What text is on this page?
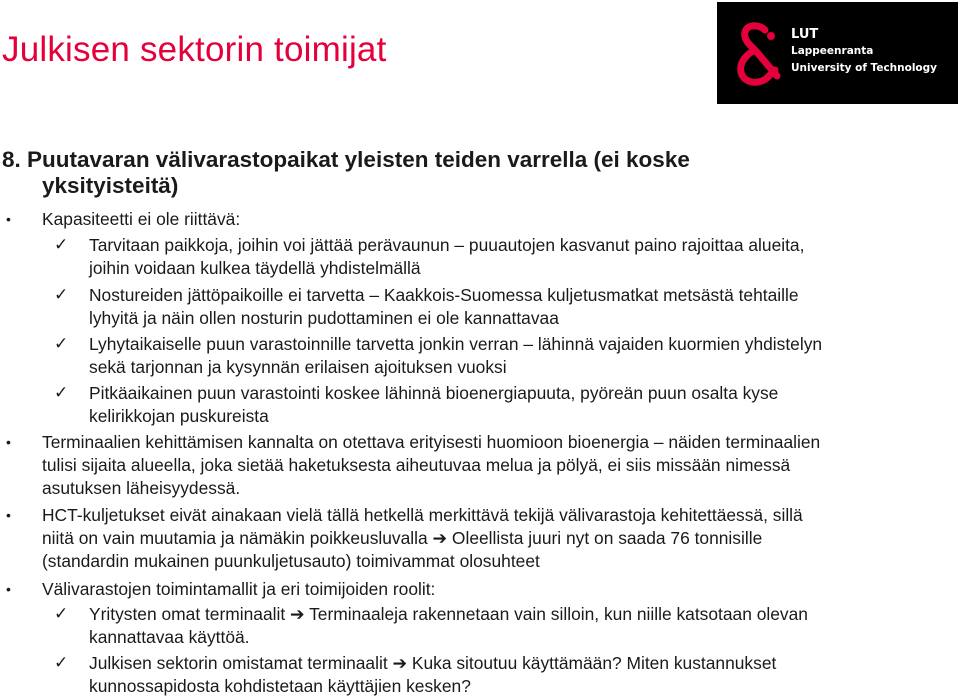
Julkisen sektorin toimijat	LUT
Lappeenranta
University of Technology
8. Puutavaran välivarastopaikat yleisten teiden varrella (ei koske
yksityisteitä)
• Kapasiteetti ei ole riittävä:
✓ Tarvitaan paikkoja, joihin voi jättää perävaunun – puuautojen kasvanut paino rajoittaa alueita,
joihin voidaan kulkea täydellä yhdistelmällä
✓ Nostureiden jättöpaikoille ei tarvetta – Kaakkois-Suomessa kuljetusmatkat metsästä tehtaille
lyhyitä ja näin ollen nosturin pudottaminen ei ole kannattavaa
✓ Lyhytaikaiselle puun varastoinnille tarvetta jonkin verran – lähinnä vajaiden kuormien yhdistelyn
sekä tarjonnan ja kysynnän erilaisen ajoituksen vuoksi
✓ Pitkäaikainen puun varastointi koskee lähinnä bioenergiapuuta, pyöreän puun osalta kyse
kelirikkojan puskureista
• Terminaalien kehittämisen kannalta on otettava erityisesti huomioon bioenergia – näiden terminaalien
tulisi sijaita alueella, joka sietää haketuksesta aiheutuvaa melua ja pölyä, ei siis missään nimessä
asutuksen läheisyydessä.
• HCT-kuljetukset eivät ainakaan vielä tällä hetkellä merkittävä tekijä välivarastoja kehitettäessä, sillä
niitä on vain muutamia ja nämäkin poikkeusluvalla ➔ Oleellista juuri nyt on saada 76 tonnisille
(standardin mukainen puunkuljetusauto) toimivammat olosuhteet
• Välivarastojen toimintamallit ja eri toimijoiden roolit:
✓ Yritysten omat terminaalit ➔ Terminaaleja rakennetaan vain silloin, kun niille katsotaan olevan
kannattavaa käyttöä.
✓ Julkisen sektorin omistamat terminaalit ➔ Kuka sitoutuu käyttämään? Miten kustannukset
kunnossapidosta kohdistetaan käyttäjien kesken?
